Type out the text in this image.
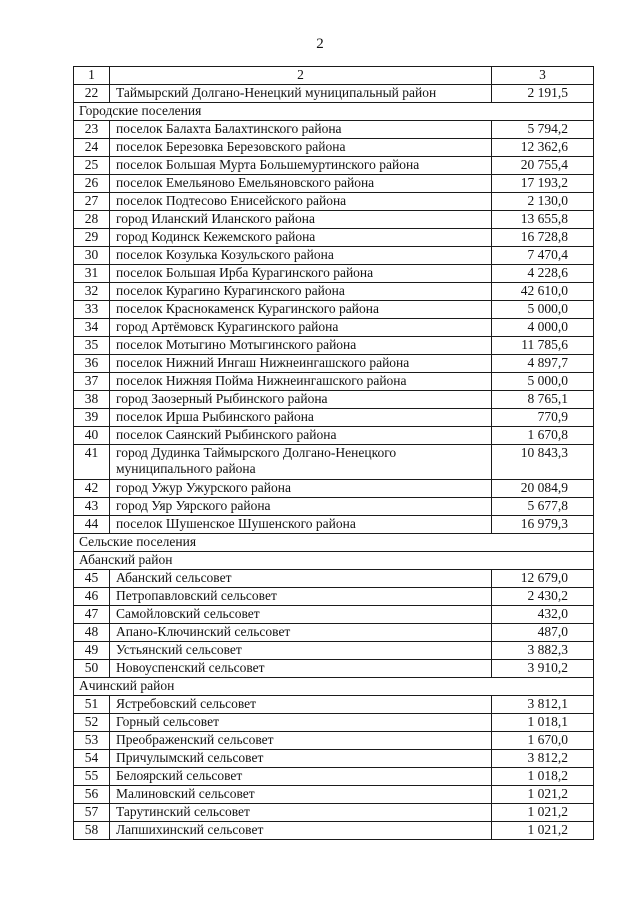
2
1	2	3
22	Таймырский Долгано-Ненецкий муниципальный район	2 191,5
Городские поселения		
23	поселок Балахта Балахтинского района	5 794,2
24	поселок Березовка Березовского района	12 362,6
25	поселок Большая Мурта Большемуртинского района	20 755,4
26	поселок Емельяново Емельяновского района	17 193,2
27	поселок Подтесово Енисейского района	2 130,0
28	город Иланский Иланского района	13 655,8
29	город Кодинск Кежемского района	16 728,8
30	поселок Козулька Козульского района	7 470,4
31	поселок Большая Ирба Курагинского района	4 228,6
32	поселок Курагино Курагинского района	42 610,0
33	поселок Краснокаменск Курагинского района	5 000,0
34	город Артёмовск Курагинского района	4 000,0
35	поселок Мотыгино Мотыгинского района	11 785,6
36	поселок Нижний Ингаш Нижнеингашского района	4 897,7
37	поселок Нижняя Пойма Нижнеингашского района	5 000,0
38	город Заозерный Рыбинского района	8 765,1
39	поселок Ирша Рыбинского района	770,9
40	поселок Саянский Рыбинского района	1 670,8
41	город Дудинка Таймырского Долгано-Ненецкого муниципального района	10 843,3
42	город Ужур Ужурского района	20 084,9
43	город Уяр Уярского района	5 677,8
44	поселок Шушенское Шушенского района	16 979,3
Сельские поселения		
Абанский район		
45	Абанский сельсовет	12 679,0
46	Петропавловский сельсовет	2 430,2
47	Самойловский сельсовет	432,0
48	Апано-Ключинский сельсовет	487,0
49	Устьянский сельсовет	3 882,3
50	Новоуспенский сельсовет	3 910,2
Ачинский район		
51	Ястребовский сельсовет	3 812,1
52	Горный сельсовет	1 018,1
53	Преображенский сельсовет	1 670,0
54	Причулымский сельсовет	3 812,2
55	Белоярский сельсовет	1 018,2
56	Малиновский сельсовет	1 021,2
57	Тарутинский сельсовет	1 021,2
58	Лапшихинский сельсовет	1 021,2
